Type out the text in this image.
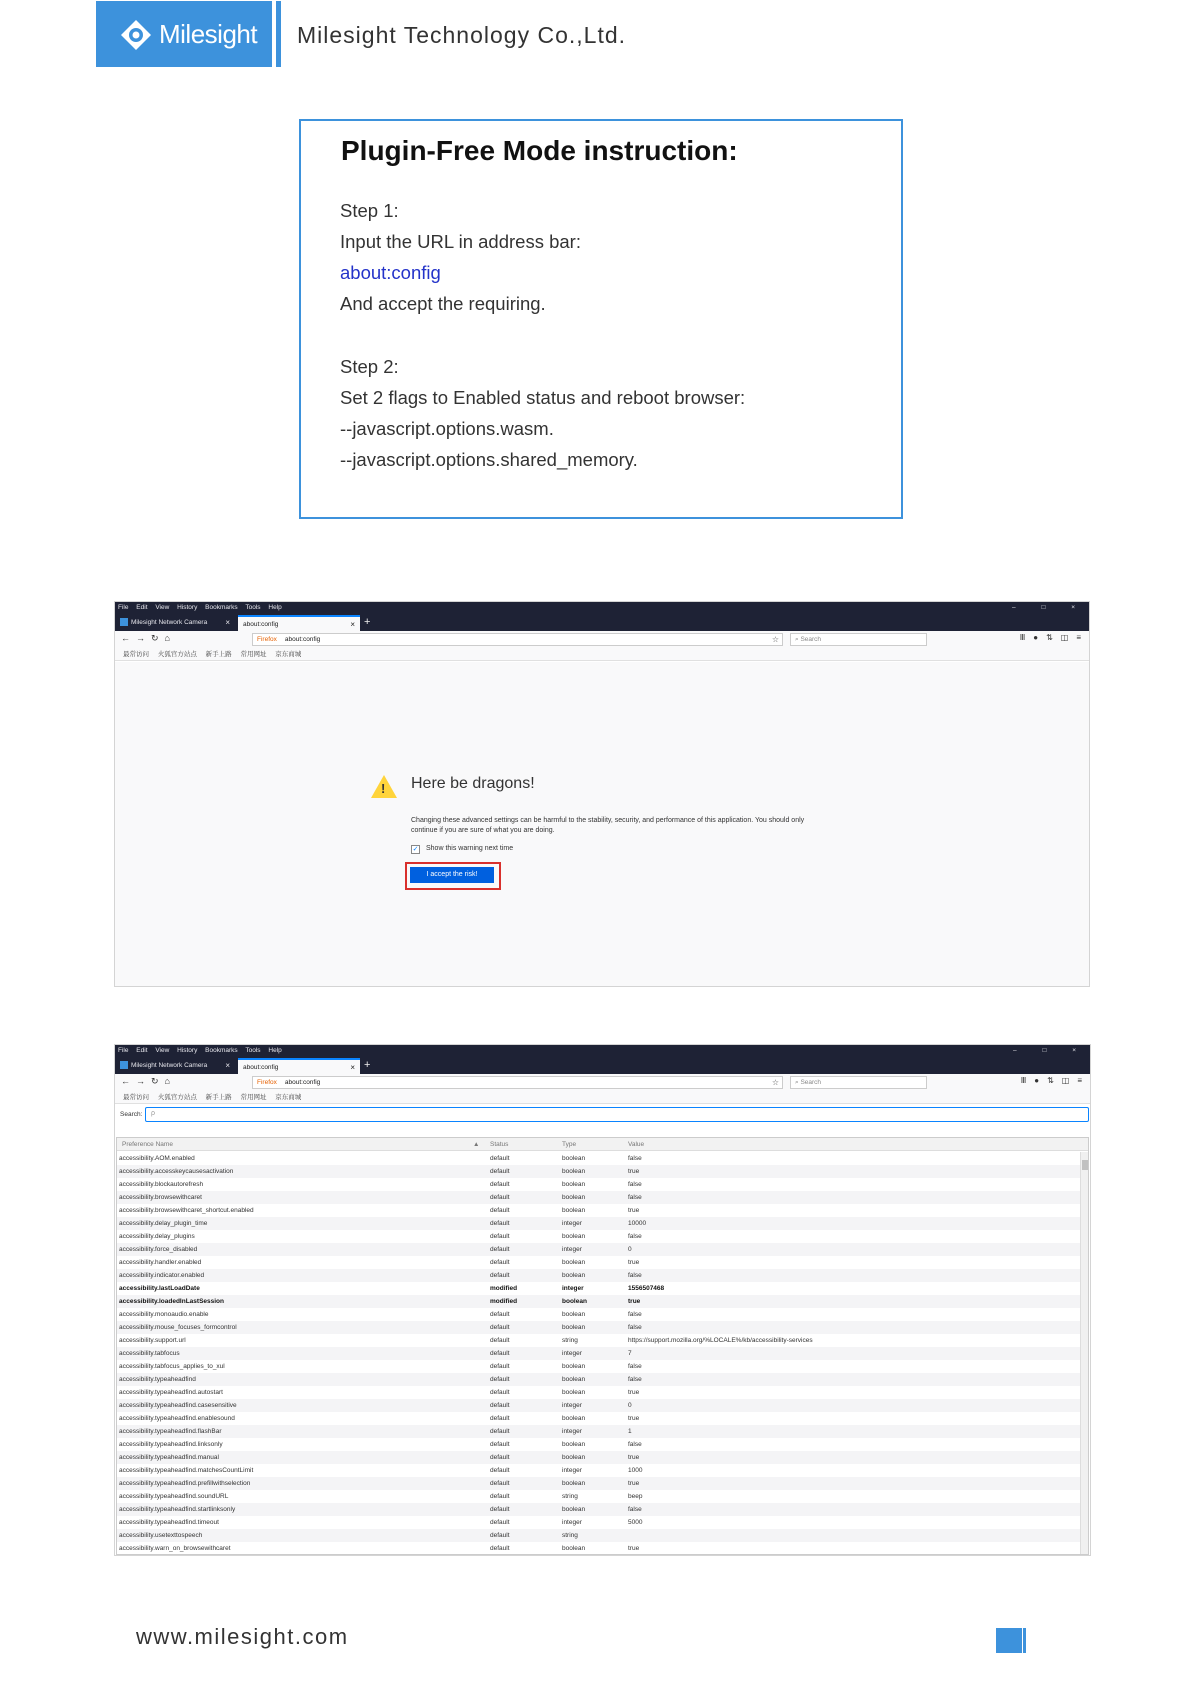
Milesight Milesight Technology Co.,Ltd.
Plugin-Free Mode instruction:
Step 1:
Input the URL in address bar:
about:config
And accept the requiring.
Step 2:
Set 2 flags to Enabled status and reboot browser:
--javascript.options.wasm.
--javascript.options.shared_memory.
File Edit View History Bookmarks Tools Help	–	□	×
Milesight Network Camera ×	about:config	× +
← → ↻ ⌂	Firefox about:config	☆	⌕ Search	Ⅲ ● ⇅ ◫ ≡
最常访问 火狐官方站点 新手上路 常用网址 京东商城
! Here be dragons!
Changing these advanced settings can be harmful to the stability, security, and performance of this application. You should only continue if you are sure of what you are doing.
✓ Show this warning next time
I accept the risk!
File Edit View History Bookmarks Tools Help	–	□	×
Milesight Network Camera ×	about:config	× +
← → ↻ ⌂	Firefox about:config	☆	⌕ Search	Ⅲ ● ⇅ ◫ ≡
最常访问 火狐官方站点 新手上路 常用网址 京东商城
Search: ρ
Preference Name	▲ Status	Type	Value
accessibility.AOM.enabled	default	boolean	false
accessibility.accesskeycausesactivation	default	boolean	true
accessibility.blockautorefresh	default	boolean	false
accessibility.browsewithcaret	default	boolean	false
accessibility.browsewithcaret_shortcut.enabled	default	boolean	true
accessibility.delay_plugin_time	default	integer	10000
accessibility.delay_plugins	default	boolean	false
accessibility.force_disabled	default	integer	0
accessibility.handler.enabled	default	boolean	true
accessibility.indicator.enabled	default	boolean	false
accessibility.lastLoadDate	modified	integer	1556507468
accessibility.loadedInLastSession	modified	boolean	true
accessibility.monoaudio.enable	default	boolean	false
accessibility.mouse_focuses_formcontrol	default	boolean	false
accessibility.support.url	default	string	https://support.mozilla.org/%LOCALE%/kb/accessibility-services
accessibility.tabfocus	default	integer	7
accessibility.tabfocus_applies_to_xul	default	boolean	false
accessibility.typeaheadfind	default	boolean	false
accessibility.typeaheadfind.autostart	default	boolean	true
accessibility.typeaheadfind.casesensitive	default	integer	0
accessibility.typeaheadfind.enablesound	default	boolean	true
accessibility.typeaheadfind.flashBar	default	integer	1
accessibility.typeaheadfind.linksonly	default	boolean	false
accessibility.typeaheadfind.manual	default	boolean	true
accessibility.typeaheadfind.matchesCountLimit	default	integer	1000
accessibility.typeaheadfind.prefillwithselection	default	boolean	true
accessibility.typeaheadfind.soundURL	default	string	beep
accessibility.typeaheadfind.startlinksonly	default	boolean	false
accessibility.typeaheadfind.timeout	default	integer	5000
accessibility.usetexttospeech	default	string
accessibility.warn_on_browsewithcaret	default	boolean	true
www.milesight.com
